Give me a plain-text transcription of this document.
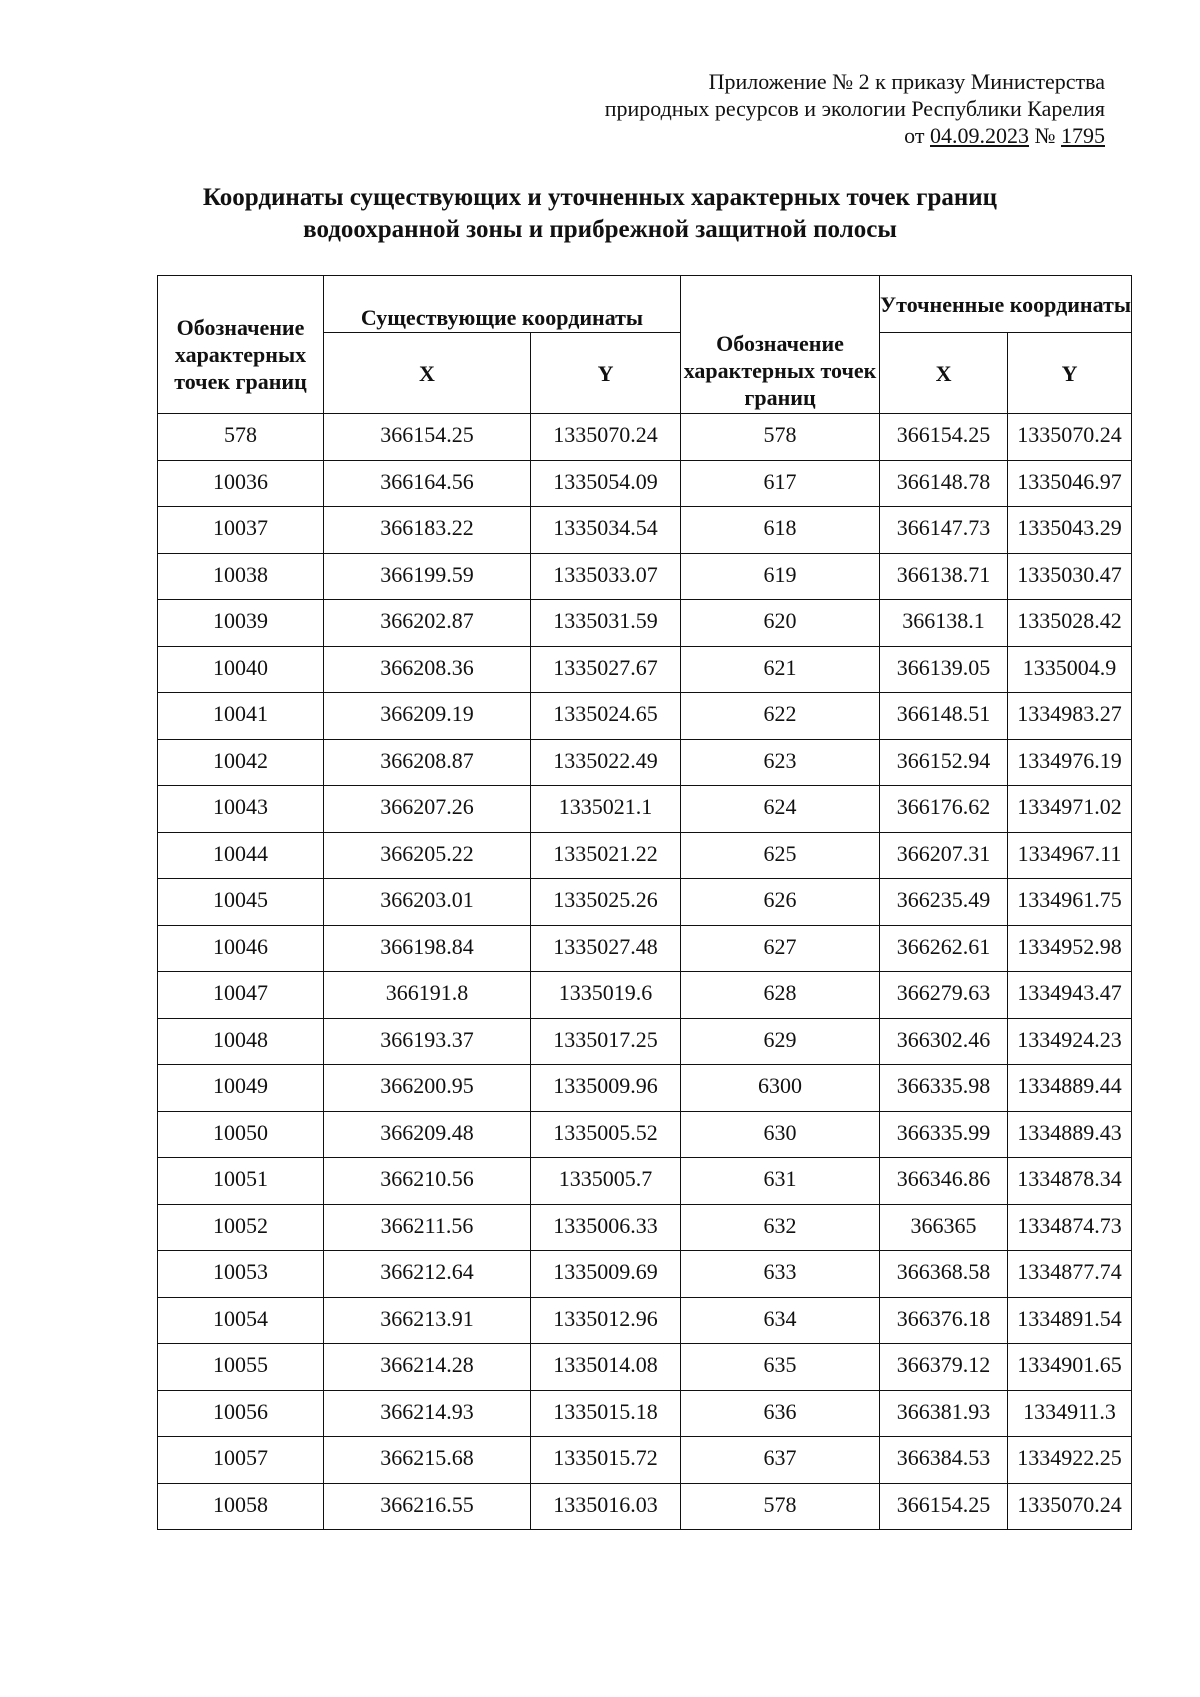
Приложение № 2 к приказу Министерства
природных ресурсов и экологии Республики Карелия
от 04.09.2023 № 1795
Координаты существующих и уточненных характерных точек границ
водоохранной зоны и прибрежной защитной полосы
Обозначение характерных точек границ	Существующие координаты		Обозначение характерных точек границ	Уточненные координаты	
	X	Y		X	Y
578	366154.25	1335070.24	578	366154.25	1335070.24
10036	366164.56	1335054.09	617	366148.78	1335046.97
10037	366183.22	1335034.54	618	366147.73	1335043.29
10038	366199.59	1335033.07	619	366138.71	1335030.47
10039	366202.87	1335031.59	620	366138.1	1335028.42
10040	366208.36	1335027.67	621	366139.05	1335004.9
10041	366209.19	1335024.65	622	366148.51	1334983.27
10042	366208.87	1335022.49	623	366152.94	1334976.19
10043	366207.26	1335021.1	624	366176.62	1334971.02
10044	366205.22	1335021.22	625	366207.31	1334967.11
10045	366203.01	1335025.26	626	366235.49	1334961.75
10046	366198.84	1335027.48	627	366262.61	1334952.98
10047	366191.8	1335019.6	628	366279.63	1334943.47
10048	366193.37	1335017.25	629	366302.46	1334924.23
10049	366200.95	1335009.96	6300	366335.98	1334889.44
10050	366209.48	1335005.52	630	366335.99	1334889.43
10051	366210.56	1335005.7	631	366346.86	1334878.34
10052	366211.56	1335006.33	632	366365	1334874.73
10053	366212.64	1335009.69	633	366368.58	1334877.74
10054	366213.91	1335012.96	634	366376.18	1334891.54
10055	366214.28	1335014.08	635	366379.12	1334901.65
10056	366214.93	1335015.18	636	366381.93	1334911.3
10057	366215.68	1335015.72	637	366384.53	1334922.25
10058	366216.55	1335016.03	578	366154.25	1335070.24
